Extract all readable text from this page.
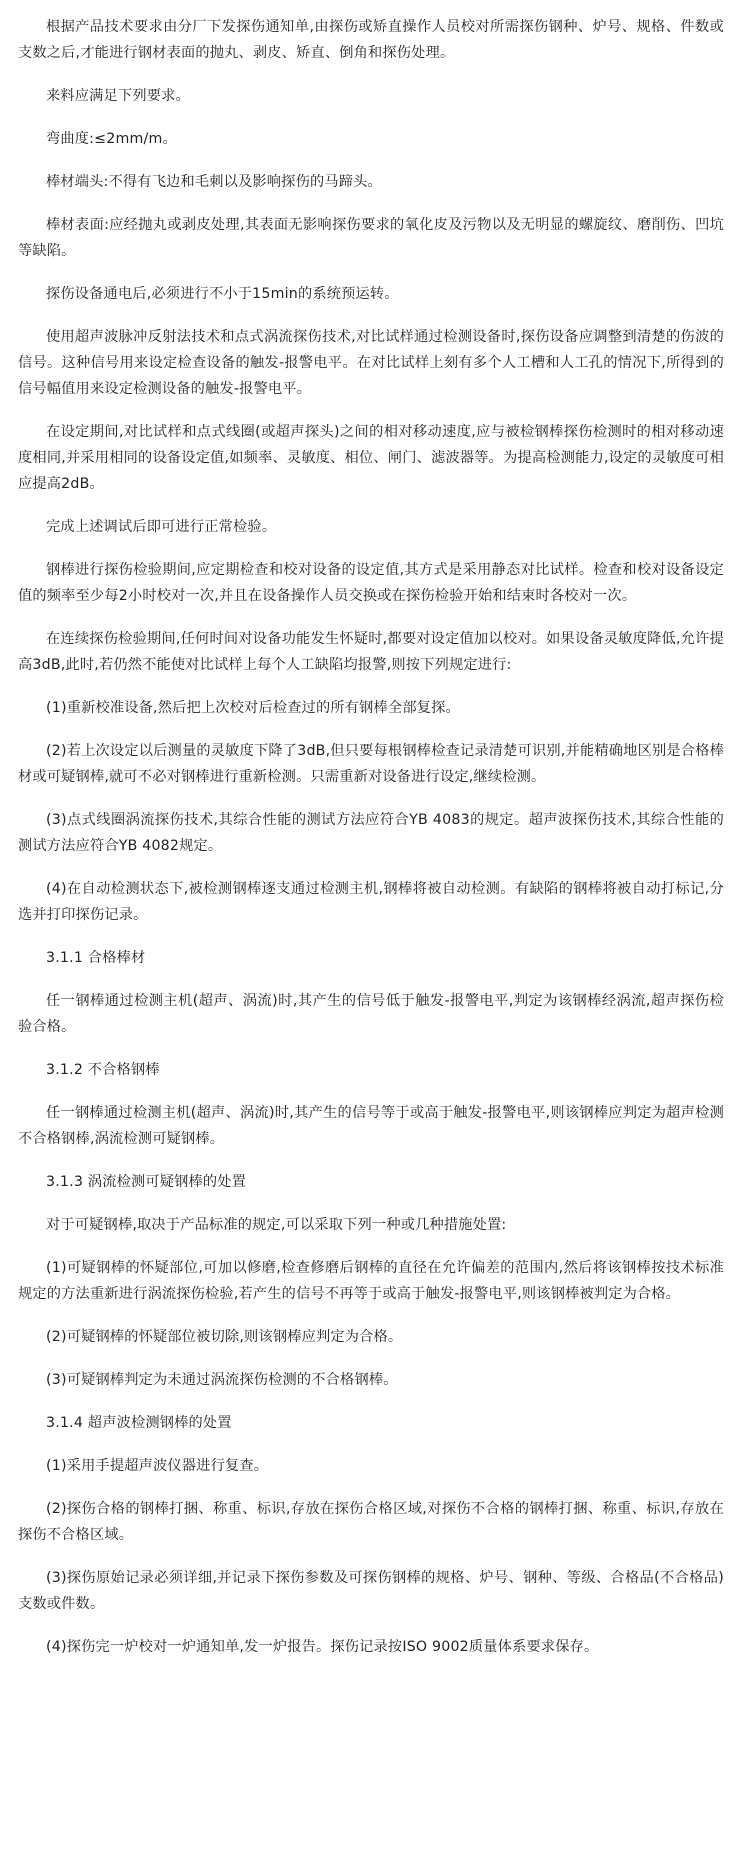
根据产品技术要求由分厂下发探伤通知单,由探伤或矫直操作人员校对所需探伤钢种、炉号、规格、件数或支数之后,才能进行钢材表面的抛丸、剥皮、矫直、倒角和探伤处理。

来料应满足下列要求。

弯曲度:≤2mm/m。

棒材端头:不得有飞边和毛刺以及影响探伤的马蹄头。

棒材表面:应经抛丸或剥皮处理,其表面无影响探伤要求的氧化皮及污物以及无明显的螺旋纹、磨削伤、凹坑等缺陷。

探伤设备通电后,必须进行不小于15min的系统预运转。

使用超声波脉冲反射法技术和点式涡流探伤技术,对比试样通过检测设备时,探伤设备应调整到清楚的伤波的信号。这种信号用来设定检查设备的触发-报警电平。在对比试样上刻有多个人工槽和人工孔的情况下,所得到的信号幅值用来设定检测设备的触发-报警电平。

在设定期间,对比试样和点式线圈(或超声探头)之间的相对移动速度,应与被检钢棒探伤检测时的相对移动速度相同,并采用相同的设备设定值,如频率、灵敏度、相位、闸门、滤波器等。为提高检测能力,设定的灵敏度可相应提高2dB。

完成上述调试后即可进行正常检验。

钢棒进行探伤检验期间,应定期检查和校对设备的设定值,其方式是采用静态对比试样。检查和校对设备设定值的频率至少每2小时校对一次,并且在设备操作人员交换或在探伤检验开始和结束时各校对一次。

在连续探伤检验期间,任何时间对设备功能发生怀疑时,都要对设定值加以校对。如果设备灵敏度降低,允许提高3dB,此时,若仍然不能使对比试样上每个人工缺陷均报警,则按下列规定进行:

(1)重新校准设备,然后把上次校对后检查过的所有钢棒全部复探。

(2)若上次设定以后测量的灵敏度下降了3dB,但只要每根钢棒检查记录清楚可识别,并能精确地区别是合格棒材或可疑钢棒,就可不必对钢棒进行重新检测。只需重新对设备进行设定,继续检测。

(3)点式线圈涡流探伤技术,其综合性能的测试方法应符合YB 4083的规定。超声波探伤技术,其综合性能的测试方法应符合YB 4082规定。

(4)在自动检测状态下,被检测钢棒逐支通过检测主机,钢棒将被自动检测。有缺陷的钢棒将被自动打标记,分选并打印探伤记录。

3.1.1 合格棒材

任一钢棒通过检测主机(超声、涡流)时,其产生的信号低于触发-报警电平,判定为该钢棒经涡流,超声探伤检验合格。

3.1.2 不合格钢棒

任一钢棒通过检测主机(超声、涡流)时,其产生的信号等于或高于触发-报警电平,则该钢棒应判定为超声检测不合格钢棒,涡流检测可疑钢棒。

3.1.3 涡流检测可疑钢棒的处置

对于可疑钢棒,取决于产品标准的规定,可以采取下列一种或几种措施处置:

(1)可疑钢棒的怀疑部位,可加以修磨,检查修磨后钢棒的直径在允许偏差的范围内,然后将该钢棒按技术标准规定的方法重新进行涡流探伤检验,若产生的信号不再等于或高于触发-报警电平,则该钢棒被判定为合格。

(2)可疑钢棒的怀疑部位被切除,则该钢棒应判定为合格。

(3)可疑钢棒判定为未通过涡流探伤检测的不合格钢棒。

3.1.4 超声波检测钢棒的处置

(1)采用手提超声波仪器进行复查。

(2)探伤合格的钢棒打捆、称重、标识,存放在探伤合格区域,对探伤不合格的钢棒打捆、称重、标识,存放在探伤不合格区域。

(3)探伤原始记录必须详细,并记录下探伤参数及可探伤钢棒的规格、炉号、钢种、等级、合格品(不合格品)支数或件数。

(4)探伤完一炉校对一炉通知单,发一炉报告。探伤记录按ISO 9002质量体系要求保存。
